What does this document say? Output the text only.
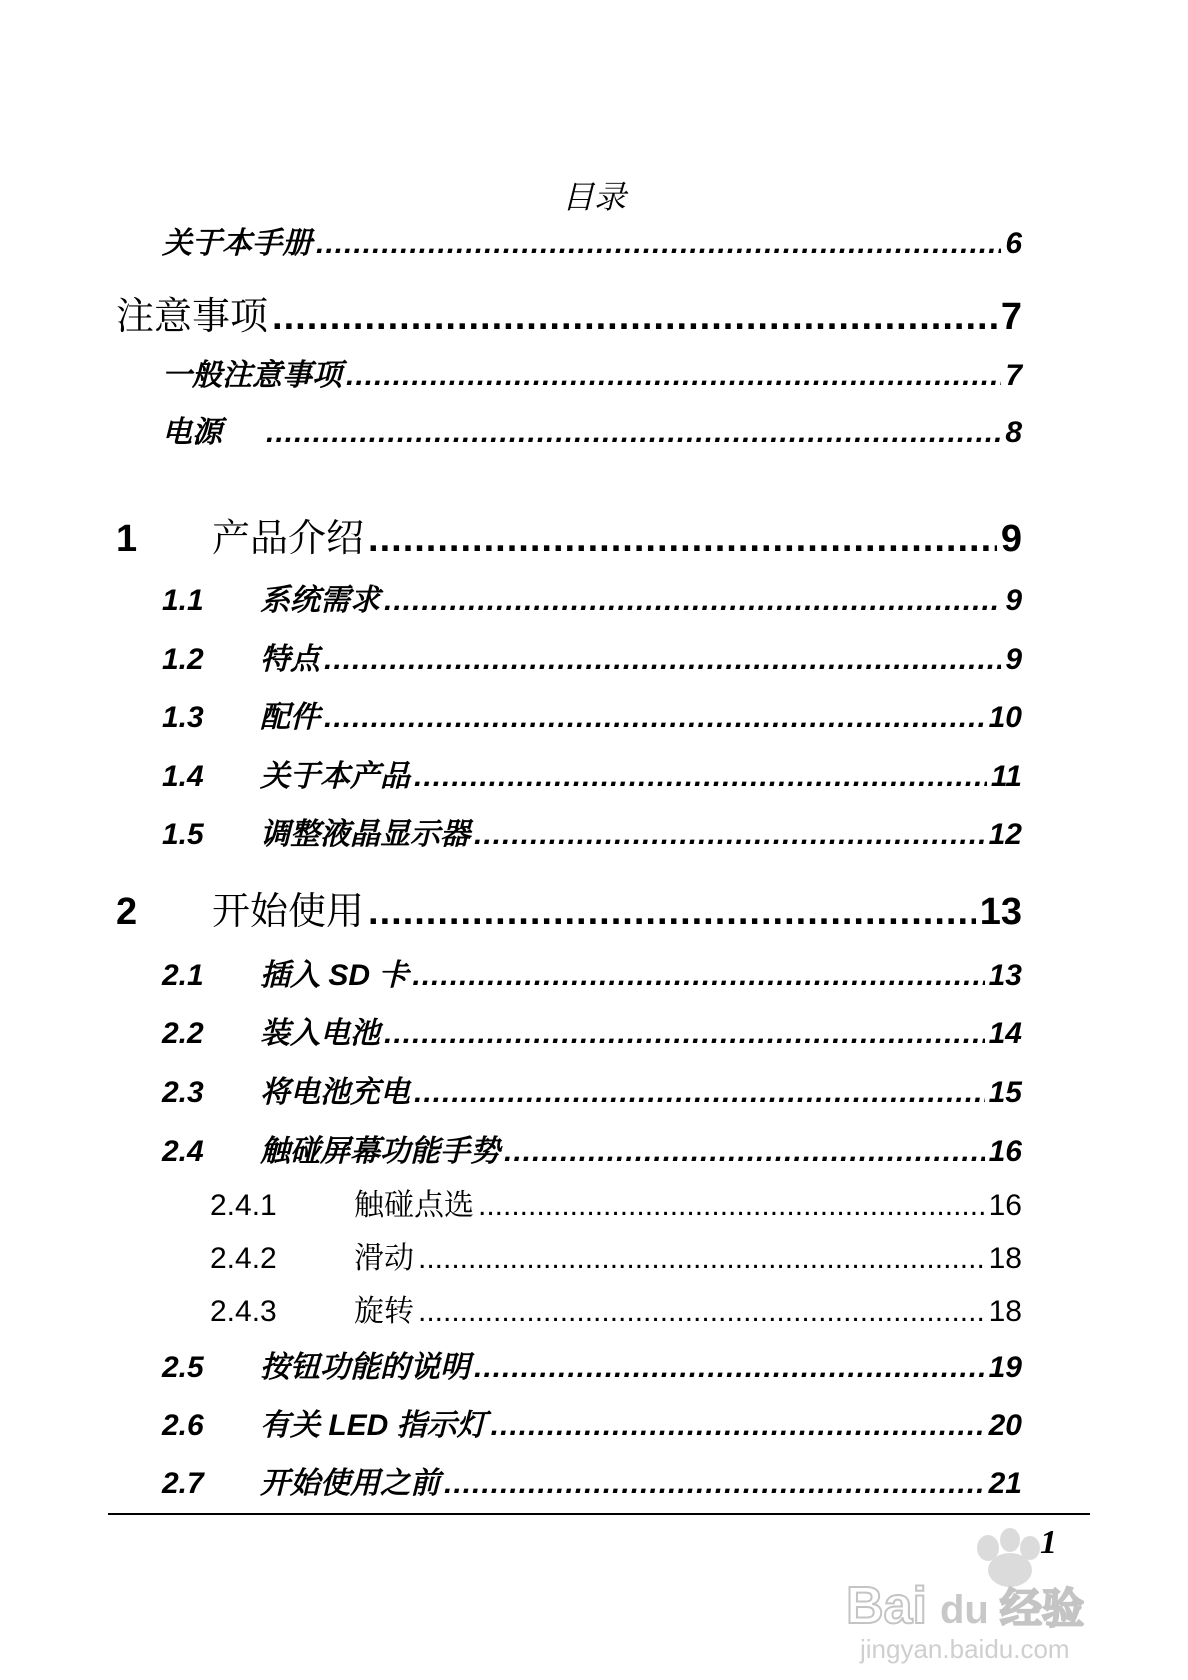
目录
关于本手册 .....	6
注意事项 .....	7
一般注意事项 .....	7
电源 .....	8
1	产品介绍 .....	9
1.1	系统需求 .....	9
1.2	特点 .....	9
1.3	配件 .....	10
1.4	关于本产品 .....	11
1.5	调整液晶显示器 .....	12
2	开始使用 .....	13
2.1	插入 SD 卡 .....	13
2.2	装入电池 .....	14
2.3	将电池充电 .....	15
2.4	触碰屏幕功能手势 .....	16
2.4.1	触碰点选 .....	16
2.4.2	滑动 .....	18
2.4.3	旋转 .....	18
2.5	按钮功能的说明 .....	19
2.6	有关 LED 指示灯 .....	20
2.7	开始使用之前 .....	21
Bai du 经验
jingyan.baidu.com
1
